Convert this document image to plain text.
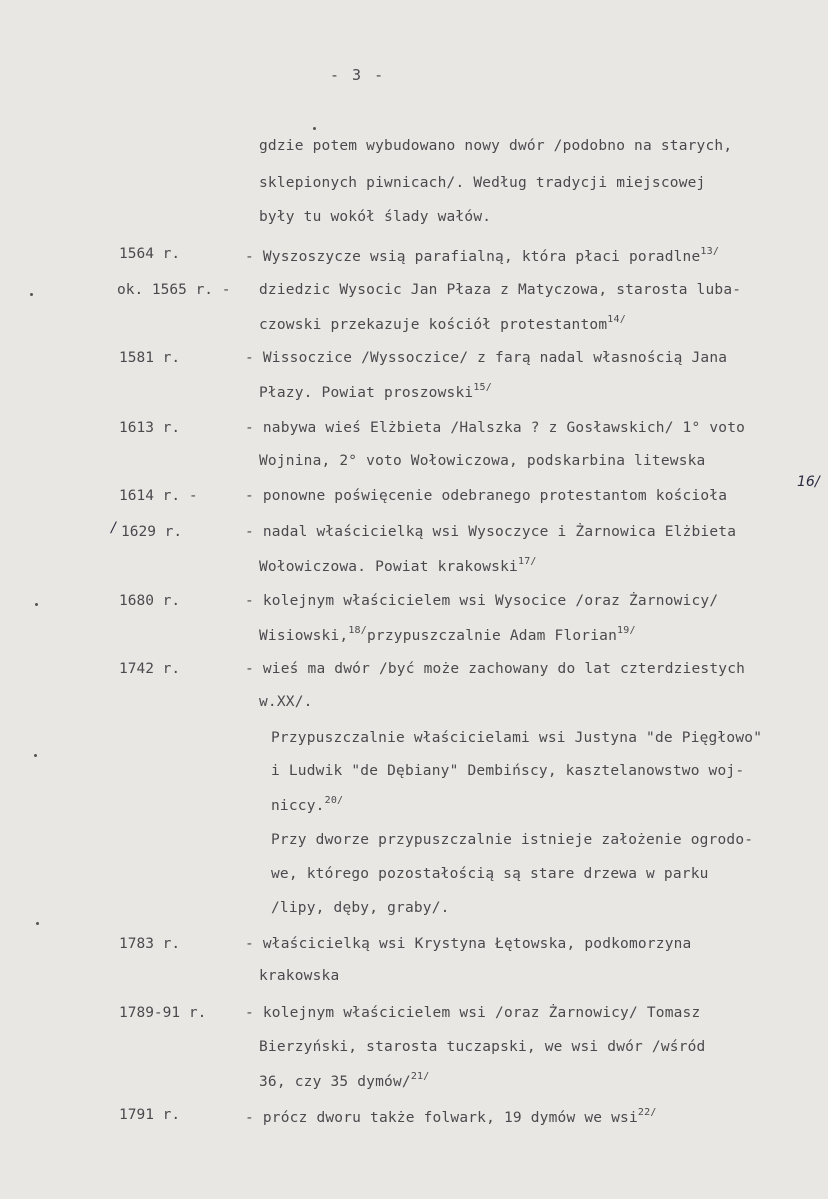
- 3 -
gdzie potem wybudowano nowy dwór /podobno na starych,
sklepionych piwnicach/. Według tradycji miejscowej
były tu wokół ślady wałów.
1564 r.	- Wyszoszycze wsią parafialną, która płaci poradlne$^{13/}$
ok. 1565 r. - dziedzic Wysocic Jan Płaza z Matyczowa, starosta luba-
czowski przekazuje kościół protestantom$^{14/}$
1581 r.	- Wissoczice /Wyssoczice/ z farą nadal własnością Jana
Płazy. Powiat proszowski$^{15/}$
1613 r.	- nabywa wieś Elżbieta /Halszka ? z Gosławskich/ 1° voto
Wojnina, 2° voto Wołowiczowa, podskarbina litewska
1614 r. -	- ponowne poświęcenie odebranego protestantom kościoła
16/
/ 1629 r.	- nadal właścicielką wsi Wysoczyce i Żarnowica Elżbieta
Wołowiczowa. Powiat krakowski$^{17/}$
1680 r.	- kolejnym właścicielem wsi Wysocice /oraz Żarnowicy/
Wisiowski,$^{18/}$przypuszczalnie Adam Florian$^{19/}$
1742 r.	- wieś ma dwór /być może zachowany do lat czterdziestych
w.XX/.
Przypuszczalnie właścicielami wsi Justyna "de Pięgłowo"
i Ludwik "de Dębiany" Dembińscy, kasztelanowstwo woj-
niccy.$^{20/}$
Przy dworze przypuszczalnie istnieje założenie ogrodo-
we, którego pozostałością są stare drzewa w parku
/lipy, dęby, graby/.
1783 r.	- właścicielką wsi Krystyna Łętowska, podkomorzyna
krakowska
1789-91 r.	- kolejnym właścicielem wsi /oraz Żarnowicy/ Tomasz
Bierzyński, starosta tuczapski, we wsi dwór /wśród
36, czy 35 dymów/$^{21/}$
1791 r.	- prócz dworu także folwark, 19 dymów we wsi$^{22/}$
